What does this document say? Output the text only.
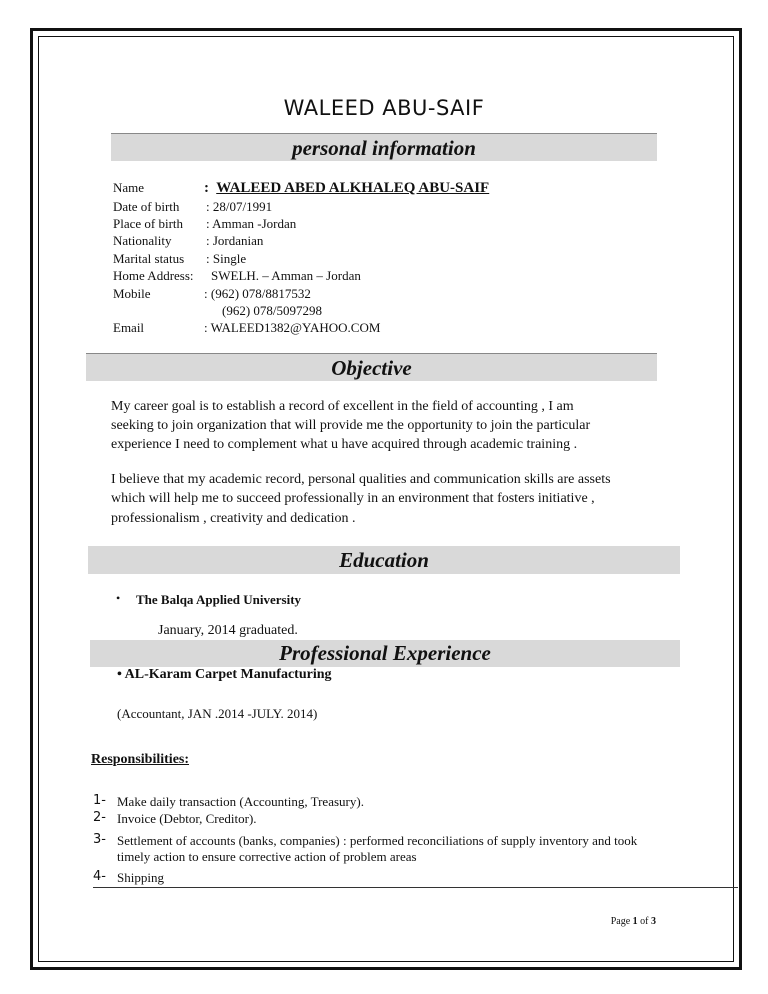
WALEED ABU-SAIF
personal information
Name	: WALEED ABED ALKHALEQ ABU-SAIF
Date of birth : 28/07/1991
Place of birth : Amman -Jordan
Nationality	: Jordanian
Marital status : Single
Home Address: SWELH. – Amman – Jordan
Mobile	: (962) 078/8817532
(962) 078/5097298
Email	: WALEED1382@YAHOO.COM
Objective
My career goal is to establish a record of excellent in the field of accounting , I am
seeking to join organization that will provide me the opportunity to join the particular
experience I need to complement what u have acquired through academic training .
I believe that my academic record, personal qualities and communication skills are assets
which will help me to succeed professionally in an environment that fosters initiative ,
professionalism , creativity and dedication .
Education
• The Balqa Applied University
January, 2014 graduated.
Professional Experience
• AL-Karam Carpet Manufacturing
(Accountant, JAN .2014 -JULY. 2014)
Responsibilities:
1- Make daily transaction (Accounting, Treasury).
2- Invoice (Debtor, Creditor).
3- Settlement of accounts (banks, companies) : performed reconciliations of supply inventory and took
timely action to ensure corrective action of problem areas
4- Shipping
Page 1 of 3
